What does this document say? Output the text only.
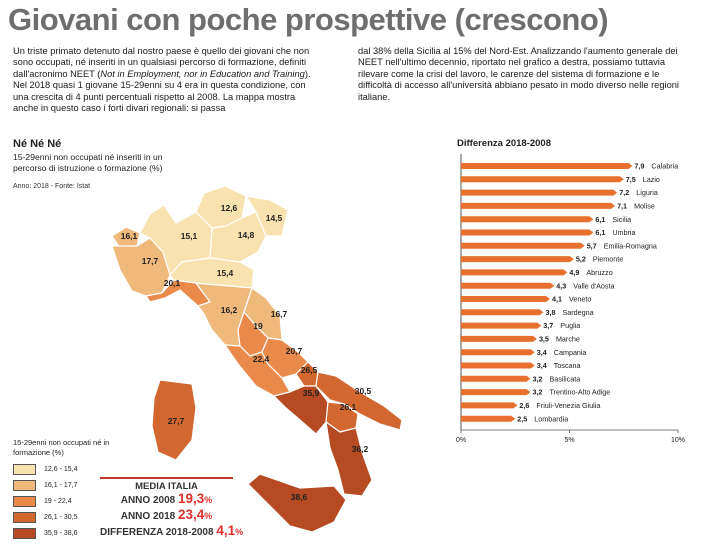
Giovani con poche prospettive (crescono)
Un triste primato detenuto dal nostro paese è quello dei giovani che non sono occupati, né inseriti in un qualsiasi percorso di formazione, definiti dall'acronimo NEET (Not in Employment, nor in Education and Training). Nel 2018 quasi 1 giovane 15-29enni su 4 era in questa condizione, con una crescita di 4 punti percentuali rispetto al 2008. La mappa mostra anche in questo caso i forti divari regionali: si passa
dal 38% della Sicilia al 15% del Nord-Est. Analizzando l'aumento generale dei NEET nell'ultimo decennio, riportato nel grafico a destra, possiamo tuttavia rilevare come la crisi del lavoro, le carenze del sistema di formazione e le difficoltà di accesso all'università abbiano pesato in modo diverso nelle regioni italiane.
Né Né Né
15-29enni non occupati né inseriti in un percorso di istruzione o formazione (%)
Anno: 2018 - Fonte: Istat
16,1
17,7
20,1
15,1
12,6
14,8
14,5
15,4
16,2	16,7
19
22,4
20,7
26,5
35,9	30,5
26,1
36,2
38,6
27,7
15-29enni non occupati né in formazione (%)
12,6 - 15,4
16,1 - 17,7
19 - 22,4
26,1 - 30,5
35,9 - 38,6
MEDIA ITALIA
ANNO 2008 19,3%
ANNO 2018 23,4%
DIFFERENZA 2018-2008 4,1%
Differenza 2018-2008
0%	5%	10%
7,9 Calabria
7,5 Lazio
7,2 Liguria
7,1 Molise
6,1 Sicilia
6,1 Umbria
5,7 Emilia-Romagna
5,2 Piemonte
4,9 Abruzzo
4,3 Valle d'Aosta
4,1 Veneto
3,8 Sardegna
3,7 Puglia
3,5 Marche
3,4 Campania
3,4 Toscana
3,2 Basilicata
3,2 Trentino-Alto Adige
2,6 Friuli-Venezia Giulia
2,5 Lombardia
